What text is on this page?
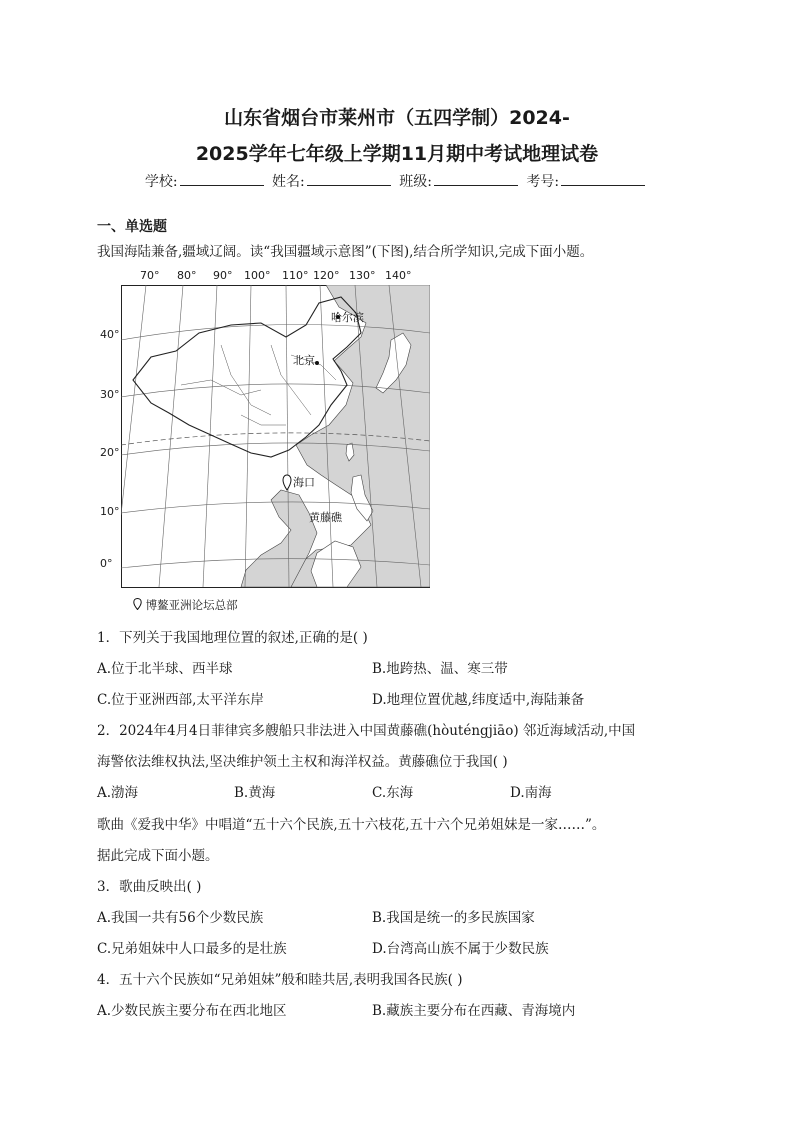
山东省烟台市莱州市（五四学制）2024-
2025学年七年级上学期11月期中考试地理试卷
学校:	姓名:	班级:	考号:
一、单选题
我国海陆兼备,疆域辽阔。读“我国疆域示意图”(下图),结合所学知识,完成下面小题。
70° 80° 90° 100° 110° 120° 130° 140°
40°
30°
20°
10°
0°
哈尔滨
北京
海口
黄藤礁
博鳌亚洲论坛总部
1．下列关于我国地理位置的叙述,正确的是( )
A.位于北半球、西半球	B.地跨热、温、寒三带
C.位于亚洲西部,太平洋东岸	D.地理位置优越,纬度适中,海陆兼备
2．2024年4月4日菲律宾多艘船只非法进入中国黄藤礁(hòuténgjiāo) 邻近海域活动,中国
海警依法维权执法,坚决维护领土主权和海洋权益。黄藤礁位于我国( )
A.渤海	B.黄海	C.东海	D.南海
歌曲《爱我中华》中唱道“五十六个民族,五十六枝花,五十六个兄弟姐妹是一家……”。
据此完成下面小题。
3．歌曲反映出( )
A.我国一共有56个少数民族	B.我国是统一的多民族国家
C.兄弟姐妹中人口最多的是壮族	D.台湾高山族不属于少数民族
4．五十六个民族如“兄弟姐妹”般和睦共居,表明我国各民族( )
A.少数民族主要分布在西北地区	B.藏族主要分布在西藏、青海境内
